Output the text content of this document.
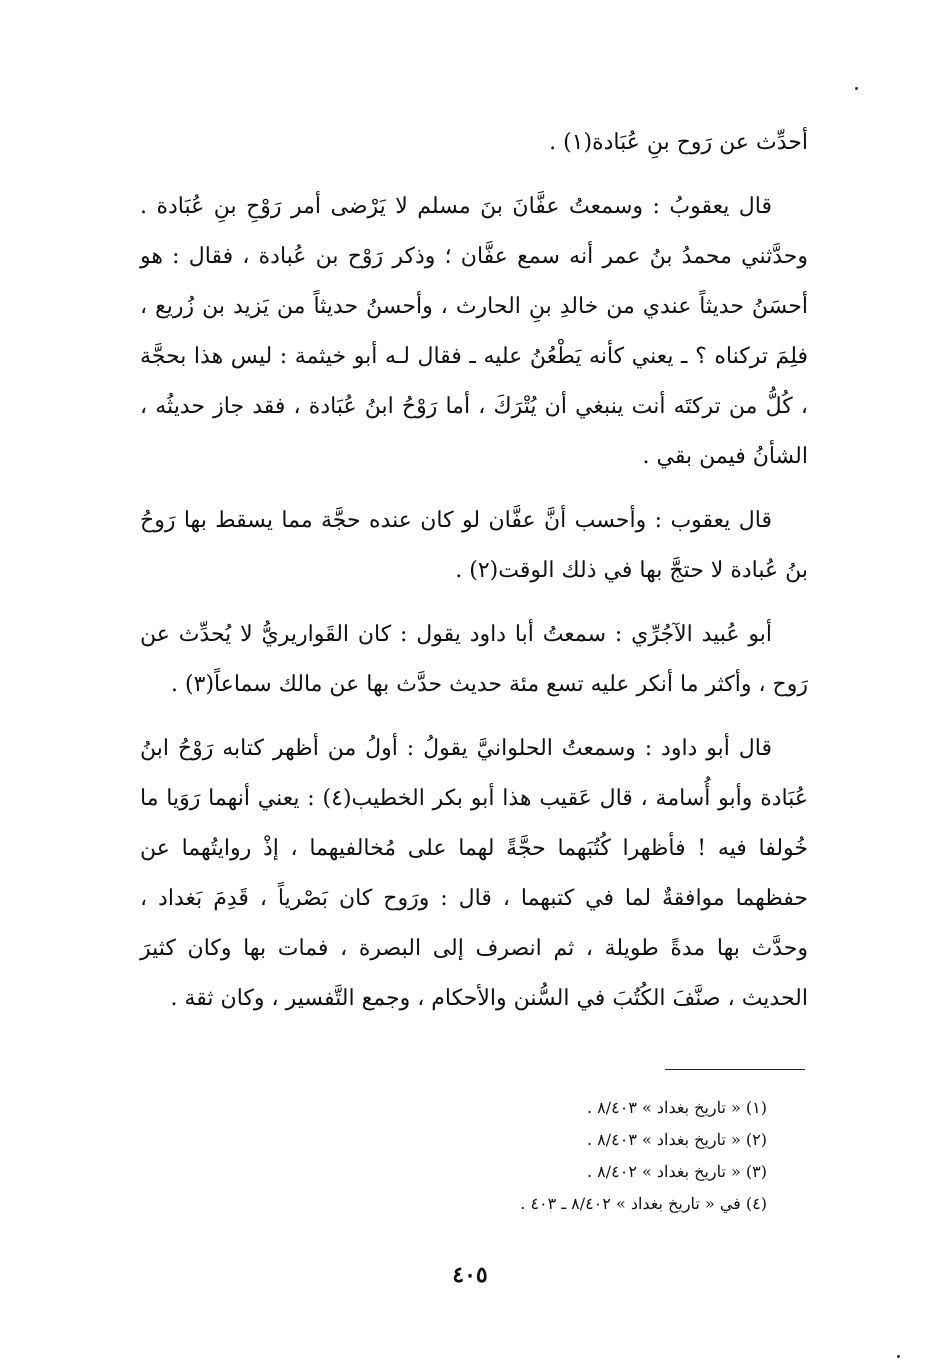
أحدِّث عن رَوح بنِ عُبَادة(١) .

قال يعقوبُ : وسمعتُ عفَّانَ بنَ مسلم لا يَرْضى أمر رَوْحِ بنِ عُبَادة . وحدَّثني محمدُ بنُ عمر أنه سمع عفَّان ؛ وذكر رَوْح بن عُبادة ، فقال : هو أحسَنُ حديثاً عندي من خالدِ بنِ الحارث ، وأحسنُ حديثاً من يَزيد بن زُريع ، فلِمَ تركناه ؟ ـ يعني كأنه يَطْعُنُ عليه ـ فقال لـه أبو خيثمة : ليس هذا بحجَّة ، كُلُّ من تركتَه أنت ينبغي أن يُتْرَكَ ، أما رَوْحُ ابنُ عُبَادة ، فقد جاز حديثُه ، الشأنُ فيمن بقي .

قال يعقوب : وأحسب أنَّ عفَّان لو كان عنده حجَّة مما يسقط بها رَوحُ بنُ عُبادة لا حتجَّ بها في ذلك الوقت(٢) .

أبو عُبيد الآجُرِّي : سمعتُ أبا داود يقول : كان القَواريريُّ لا يُحدِّث عن رَوح ، وأكثر ما أنكر عليه تسع مئة حديث حدَّث بها عن مالك سماعاً(٣) .

قال أبو داود : وسمعتُ الحلوانيَّ يقولُ : أولُ من أظهر كتابه رَوْحُ ابنُ عُبَادة وأبو أُسامة ، قال عَقيب هذا أبو بكر الخطيب(٤) : يعني أنهما رَوَيا ما خُولفا فيه ! فأظهرا كُتُبَهما حجَّةً لهما على مُخالفيهما ، إذْ روايتُهما عن حفظهما موافقةٌ لما في كتبهما ، قال : ورَوح كان بَصْرياً ، قَدِمَ بَغداد ، وحدَّث بها مدةً طويلة ، ثم انصرف إلى البصرة ، فمات بها وكان كثيرَ الحديث ، صنَّفَ الكُتُبَ في السُّنن والأحكام ، وجمع التَّفسير ، وكان ثقة .

(١) « تاريخ بغداد » ٨/٤٠٣ .

(٢) « تاريخ بغداد » ٨/٤٠٣ .

(٣) « تاريخ بغداد » ٨/٤٠٢ .

(٤) في « تاريخ بغداد » ٨/٤٠٢ ـ ٤٠٣ .

٤٠٥
